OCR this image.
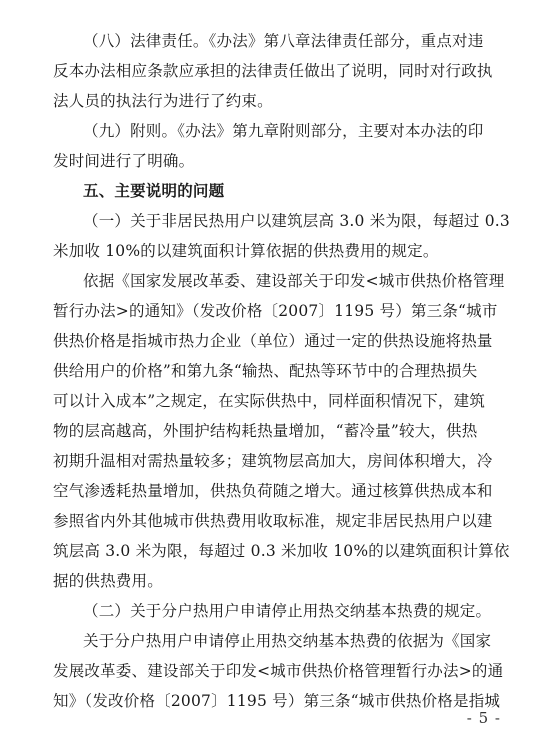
（八）法律责任。《办法》第八章法律责任部分，重点对违
反本办法相应条款应承担的法律责任做出了说明，同时对行政执
法人员的执法行为进行了约束。
（九）附则。《办法》第九章附则部分，主要对本办法的印
发时间进行了明确。
五、主要说明的问题
（一）关于非居民热用户以建筑层高 3.0 米为限，每超过 0.3
米加收 10%的以建筑面积计算依据的供热费用的规定。
依据《国家发展改革委、建设部关于印发<城市供热价格管理
暂行办法>的通知》（发改价格〔2007〕1195 号）第三条“城市
供热价格是指城市热力企业（单位）通过一定的供热设施将热量
供给用户的价格”和第九条“输热、配热等环节中的合理热损失
可以计入成本”之规定，在实际供热中，同样面积情况下，建筑
物的层高越高，外围护结构耗热量增加，“蓄冷量”较大，供热
初期升温相对需热量较多；建筑物层高加大，房间体积增大，冷
空气渗透耗热量增加，供热负荷随之增大。通过核算供热成本和
参照省内外其他城市供热费用收取标准，规定非居民热用户以建
筑层高 3.0 米为限，每超过 0.3 米加收 10%的以建筑面积计算依
据的供热费用。
（二）关于分户热用户申请停止用热交纳基本热费的规定。
关于分户热用户申请停止用热交纳基本热费的依据为《国家
发展改革委、建设部关于印发<城市供热价格管理暂行办法>的通
知》（发改价格〔2007〕1195 号）第三条“城市供热价格是指城
- 5 -
